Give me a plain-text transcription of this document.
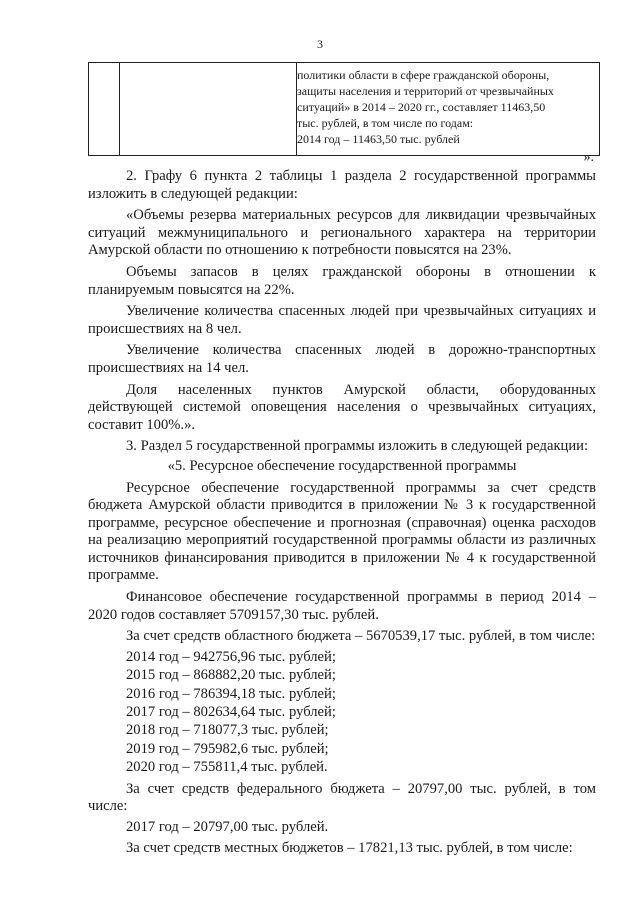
3
политики области в сфере гражданской обороны,
защиты населения и территорий от чрезвычайных
ситуаций» в 2014 – 2020 гг., составляет 11463,50
тыс. рублей, в том числе по годам:
2014 год – 11463,50 тыс. рублей
».

2. Графу 6 пункта 2 таблицы 1 раздела 2 государственной программы изложить в следующей редакции:

«Объемы резерва материальных ресурсов для ликвидации чрезвычайных ситуаций межмуниципального и регионального характера на территории Амурской области по отношению к потребности повысятся на 23%.

Объемы запасов в целях гражданской обороны в отношении к планируемым повысятся на 22%.

Увеличение количества спасенных людей при чрезвычайных ситуациях и происшествиях на 8 чел.

Увеличение количества спасенных людей в дорожно-транспортных происшествиях на 14 чел.

Доля населенных пунктов Амурской области, оборудованных действующей системой оповещения населения о чрезвычайных ситуациях, составит 100%.».

3. Раздел 5 государственной программы изложить в следующей редакции:

«5. Ресурсное обеспечение государственной программы

Ресурсное обеспечение государственной программы за счет средств бюджета Амурской области приводится в приложении № 3 к государственной программе, ресурсное обеспечение и прогнозная (справочная) оценка расходов на реализацию мероприятий государственной программы области из различных источников финансирования приводится в приложении № 4 к государственной программе.

Финансовое обеспечение государственной программы в период 2014 – 2020 годов составляет 5709157,30 тыс. рублей.

За счет средств областного бюджета – 5670539,17 тыс. рублей, в том числе:

2014 год – 942756,96 тыс. рублей;

2015 год – 868882,20 тыс. рублей;

2016 год – 786394,18 тыс. рублей;

2017 год – 802634,64 тыс. рублей;

2018 год – 718077,3 тыс. рублей;

2019 год – 795982,6 тыс. рублей;

2020 год – 755811,4 тыс. рублей.

За счет средств федерального бюджета – 20797,00 тыс. рублей, в том числе:

2017 год – 20797,00 тыс. рублей.

За счет средств местных бюджетов – 17821,13 тыс. рублей, в том числе:
